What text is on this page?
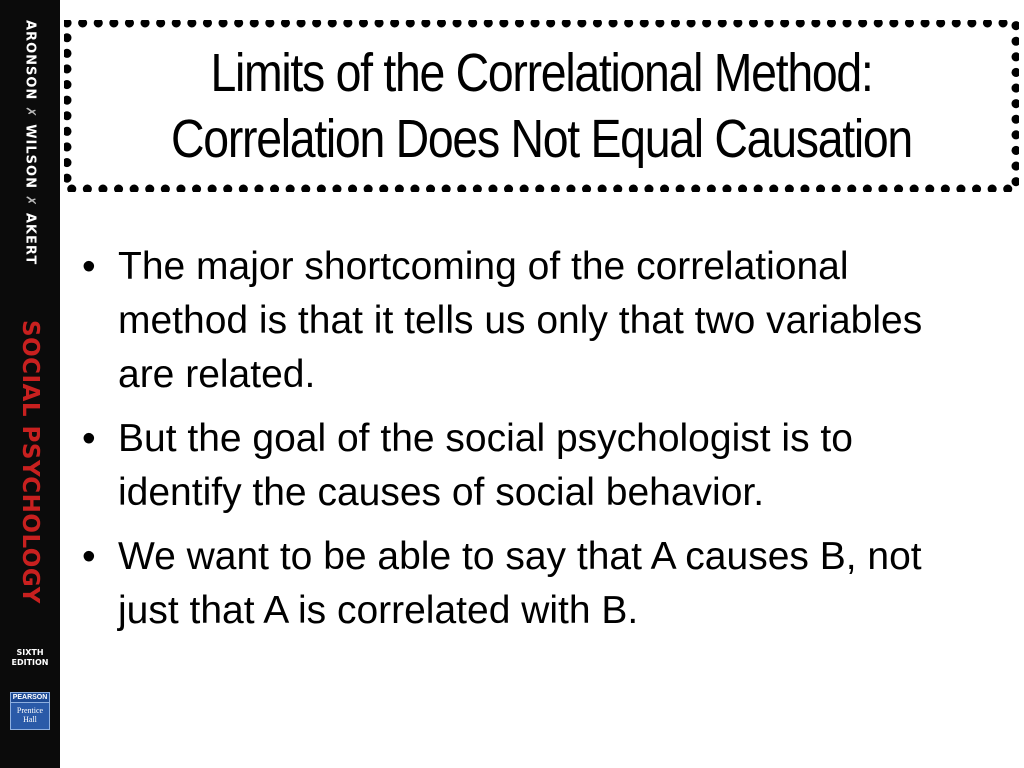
ARONSON✗WILSON✗AKERT
SOCIAL PSYCHOLOGY
SIXTH
EDITION
PEARSON
Prentice Hall
Limits of the Correlational Method:
Correlation Does Not Equal Causation
• The major shortcoming of the correlational method is that it tells us only that two variables are related.
• But the goal of the social psychologist is to identify the causes of social behavior.
• We want to be able to say that A causes B, not just that A is correlated with B.
